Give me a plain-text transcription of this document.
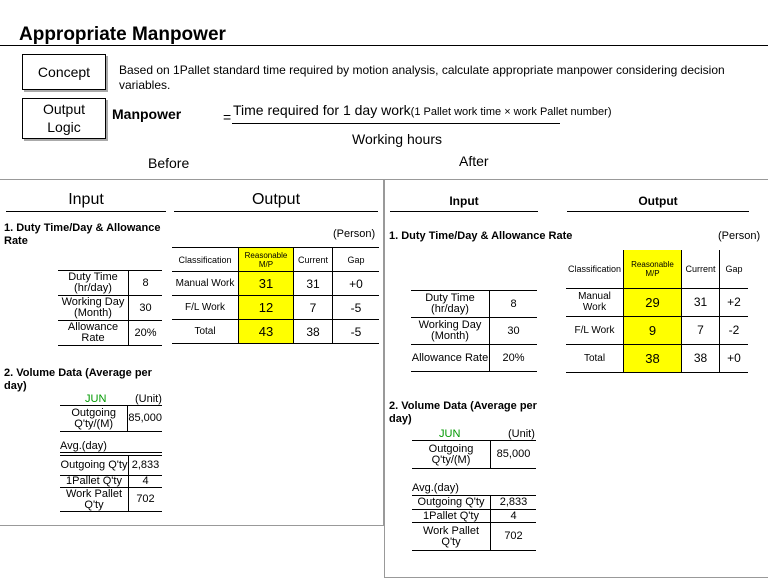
Appropriate Manpower
Concept	Based on 1Pallet standard time required by motion analysis, calculate appropriate manpower considering decision variables.
Output
Logic
Manpower	= Time required for 1 day work(1 Pallet work time × work Pallet number)
Working hours
Before	After
Input	Output
1. Duty Time/Day & Allowance Rate
Duty Time (hr/day)	8
Working Day (Month)	30
Allowance Rate	20%
(Person)
Classification	Reasonable M/P	Current	Gap
Manual Work	31	31	+0
F/L Work	12	7	-5
Total	43	38	-5
2. Volume Data (Average per day)
JUN	(Unit)
Outgoing Q'ty/(M)	85,000
Avg.(day)
Outgoing Q'ty	2,833
1Pallet Q'ty	4
Work Pallet Q'ty	702
Input	Output
1. Duty Time/Day & Allowance Rate	(Person)
Duty Time (hr/day)	8
Working Day (Month)	30
Allowance Rate	20%
Classification	Reasonable M/P	Current	Gap
Manual Work	29	31	+2
F/L Work	9	7	-2
Total	38	38	+0
2. Volume Data (Average per day)
JUN	(Unit)
Outgoing Q'ty/(M)	85,000
Avg.(day)
Outgoing Q'ty	2,833
1Pallet Q'ty	4
Work Pallet Q'ty	702
